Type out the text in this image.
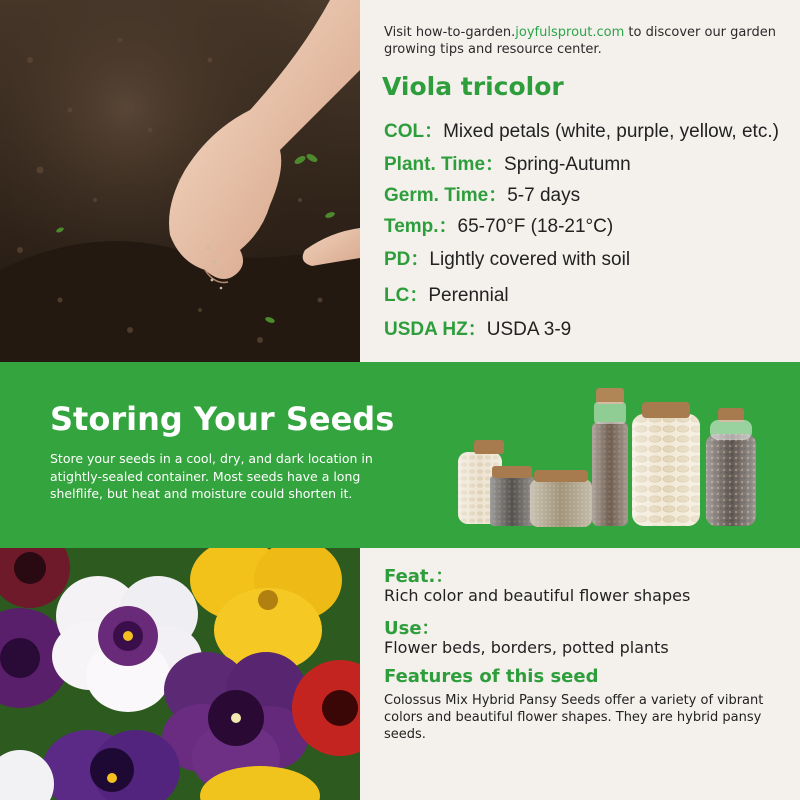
Visit how-to-garden.joyfulsprout.com to discover our garden growing tips and resource center.
Viola tricolor
COL：Mixed petals (white, purple, yellow, etc.)
Plant. Time：Spring-Autumn
Germ. Time：5-7 days
Temp.：65-70°F (18-21°C)
PD：Lightly covered with soil
LC：Perennial
USDA HZ：USDA 3-9
Storing Your Seeds
Store your seeds in a cool, dry, and dark location in atightly-sealed container. Most seeds have a long shelflife, but heat and moisture could shorten it.
Feat.：
Rich color and beautiful flower shapes
Use：
Flower beds, borders, potted plants
Features of this seed
Colossus Mix Hybrid Pansy Seeds offer a variety of vibrant colors and beautiful flower shapes. They are hybrid pansy seeds.
